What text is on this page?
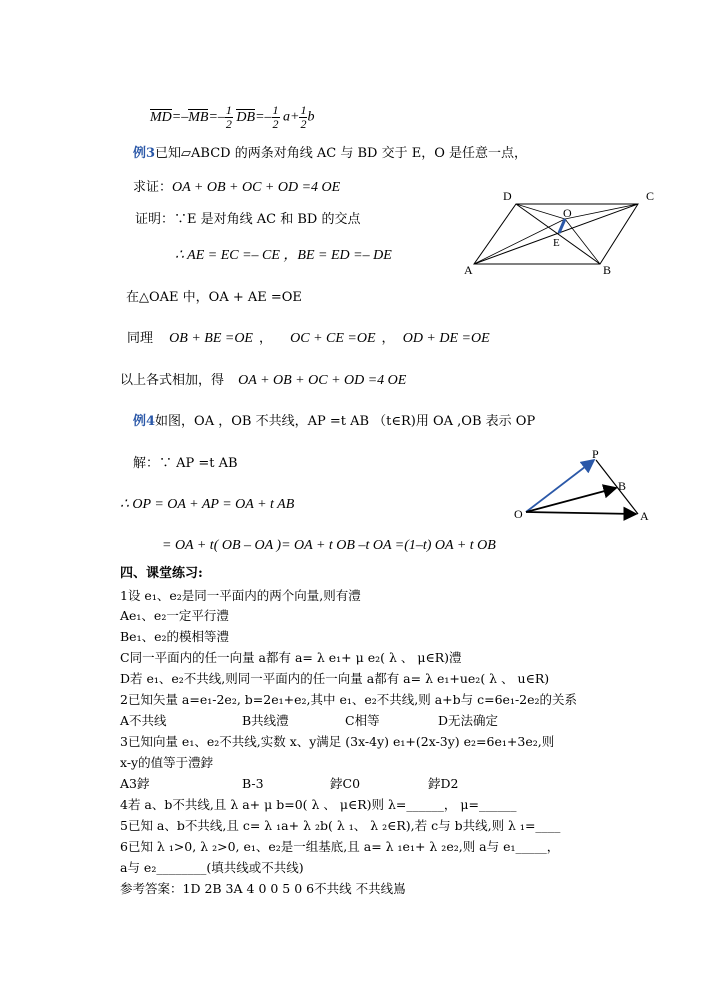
$MD=-MB=- \frac{1}{2} DB=- \frac{1}{2} a+ \frac{1}{2}$ b
例3已知▱ABCD 的两条对角线 AC 与 BD 交于 E，O 是任意一点，
求证：OA + OB + OC + OD =4 OE
证明：∵E 是对角线 AC 和 BD 的交点
∴ AE = EC =– CE ，BE = ED =– DE
D	C
O
E
A	B
在△OAE 中，OA + AE =OE
同理 OB + BE =OE ， OC + CE =OE ， OD + DE =OE
以上各式相加，得 OA + OB + OC + OD =4 OE
例4如图，OA ，OB 不共线，AP =t AB （t∈R)用 OA ,OB 表示 OP
解：∵ AP =t AB
∴ OP = OA + AP = OA + t AB
= OA + t( OB – OA )= OA + t OB –t OA =(1–t) OA + t OB
P
B
O	A
四、课堂练习:
1设 e₁、e₂是同一平面内的两个向量,则有澧
Ae₁、e₂一定平行澧
Be₁、e₂的模相等澧
C同一平面内的任一向量 a都有 a= λ e₁+ μ e₂( λ 、 μ∈R)澧
D若 e₁、e₂不共线,则同一平面内的任一向量 a都有 a= λ e₁+ue₂( λ 、 u∈R)
2已知矢量 a=e₁-2e₂, b=2e₁+e₂,其中 e₁、e₂不共线,则 a+b与 c=6e₁-2e₂的关系
A不共线	B共线澧	C相等	D无法确定
3已知向量 e₁、e₂不共线,实数 x、y满足 (3x-4y) e₁+(2x-3y) e₂=6e₁+3e₂,则
x-y的值等于澧鋍
A3鋍	B-3	鋍C0	鋍D2
4若 a、b不共线,且 λ a+ μ b=0( λ 、 μ∈R)则 λ=______， μ=______
5已知 a、b不共线,且 c= λ ₁a+ λ ₂b( λ ₁、 λ ₂∈R),若 c与 b共线,则 λ ₁=____
6已知 λ ₁>0, λ ₂>0, e₁、e₂是一组基底,且 a= λ ₁e₁+ λ ₂e₂,则 a与 e₁_____，
a与 e₂________(填共线或不共线)
参考答案：1D 2B 3A 4 0 0 5 0 6不共线 不共线嶌
